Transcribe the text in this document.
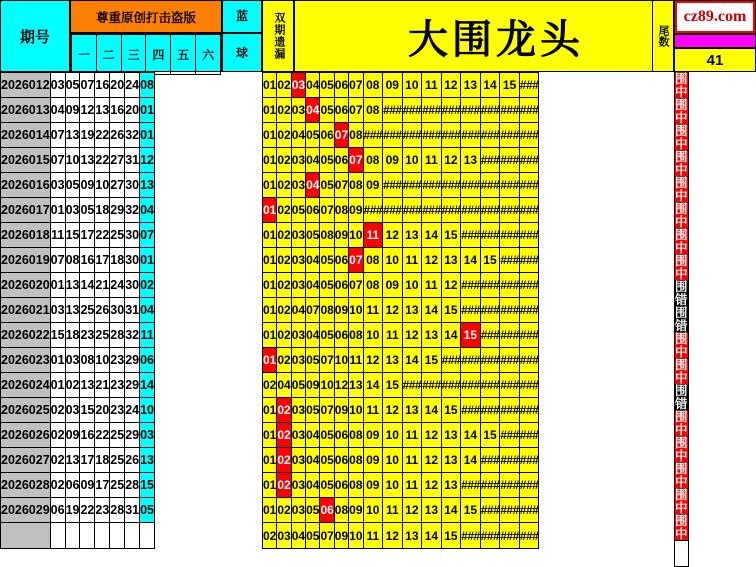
期号
尊重原创打击盗版
一	二	三	四	五	六
蓝
球	双期遗漏	大围龙头	尾数
cz89.com
41
2026012	03	05	07	16	20	24	08
2026013	04	09	12	13	16	20	01
2026014	07	13	19	22	26	32	01
2026015	07	10	13	22	27	31	12
2026016	03	05	09	10	27	30	13
2026017	01	03	05	18	29	32	04
2026018	11	15	17	22	25	30	07
2026019	07	08	16	17	18	30	01
2026020	01	13	14	21	24	30	02
2026021	03	13	25	26	30	31	04
2026022	15	18	23	25	28	32	11
2026023	01	03	08	10	23	29	06
2026024	01	02	13	21	23	29	14
2026025	02	03	15	20	23	24	10
2026026	02	09	16	22	25	29	03
2026027	02	13	17	18	25	26	13
2026028	02	06	09	17	25	28	15
2026029	06	19	22	23	28	31	05

01	02	03	04	05	06	07	08	09	10	11	12	13	14	15	###
01	02	03	04	05	06	07	08	###	###	###	###	###	###	###	###
01	02	04	05	06	07	08	###	###	###	###	###	###	###	###	###
01	02	03	04	05	06	07	08	09	10	11	12	13	###	###	###
01	02	03	04	05	07	08	09	###	###	###	###	###	###	###	###
01	02	05	06	07	08	09	###	###	###	###	###	###	###	###	###
01	02	03	05	08	09	10	11	12	13	14	15	###	###	###	###
01	02	03	04	05	06	07	08	10	11	12	13	14	15	###	###
01	02	03	04	05	06	07	08	09	10	11	12	###	###	###	###
01	02	04	07	08	09	10	11	12	13	14	15	###	###	###	###
01	02	03	04	05	06	08	10	11	12	13	14	15	###	###	###
01	02	03	05	07	10	11	12	13	14	15	###	###	###	###	###
02	04	05	09	10	12	13	14	15	###	###	###	###	###	###	###
01	02	03	05	07	09	10	11	12	13	14	15	###	###	###	###
01	02	03	04	05	06	08	09	10	11	12	13	14	15	###	###
01	02	03	04	05	06	08	09	10	11	12	13	14	###	###	###
01	02	03	04	05	06	08	09	10	11	12	13	###	###	###	###
01	02	03	05	06	08	09	10	11	12	13	14	15	###	###	###
02	03	04	05	07	09	10	11	12	13	14	15	###	###	###	###
围中
围中
围中
围中
围中
围中
围中
围中
围错
围错
围中
围中
围错
围中
围中
围中
围中
围中
